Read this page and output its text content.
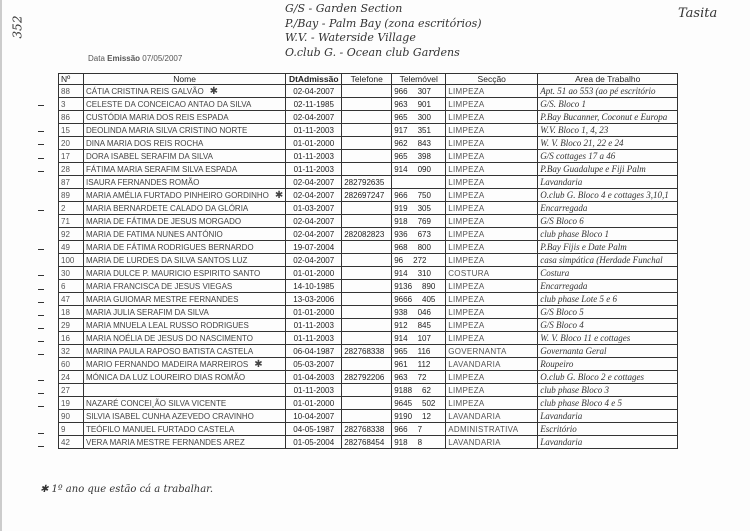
352
G/S - Garden Section
P./Bay - Palm Bay (zona escritórios)
W.V. - Waterside Village
O.club G. - Ocean club Gardens
Tasita
Data Emissão 07/05/2007
Nº	Nome	DtAdmissão	Telefone	Telemóvel	Secção	Area de Trabalho
88	CÁTIA CRISTINA REIS GALVÃO ✱	02-04-2007		966 307	LIMPEZA	Apt. 51 ao 553 (ao pé escritório
3	CELESTE DA CONCEICAO ANTAO DA SILVA	02-11-1985		963 901	LIMPEZA	G/S. Bloco 1
86	CUSTÓDIA MARIA DOS REIS ESPADA	02-04-2007		965 300	LIMPEZA	P.Bay Bucanner, Coconut e Europa
15	DEOLINDA MARIA SILVA CRISTINO NORTE	01-11-2003		917 351	LIMPEZA	W.V. Bloco 1, 4, 23
20	DINA MARIA DOS REIS ROCHA	01-01-2000		962 843	LIMPEZA	W. V. Bloco 21, 22 e 24
17	DORA ISABEL SERAFIM DA SILVA	01-11-2003		965 398	LIMPEZA	G/S cottages 17 a 46
28	FÁTIMA MARIA SERAFIM SILVA ESPADA	01-11-2003		914 090	LIMPEZA	P.Bay Guadalupe e Fiji Palm
87	ISAURA FERNANDES ROMÃO	02-04-2007	282792635		LIMPEZA	Lavandaria
89	MARIA AMÉLIA FURTADO PINHEIRO GORDINHO ✱	02-04-2007	282697247	966 750	LIMPEZA	O.club G. Bloco 4 e cottages 3,10,1
2	MARIA BERNARDETE CALADO DA GLÓRIA	01-03-2007		919 305	LIMPEZA	Encarregada
71	MARIA DE FÁTIMA DE JESUS MORGADO	02-04-2007		918 769	LIMPEZA	G/S Bloco 6
92	MARIA DE FATIMA NUNES ANTÓNIO	02-04-2007	282082823	936 673	LIMPEZA	club phase Bloco 1
49	MARIA DE FÁTIMA RODRIGUES BERNARDO	19-07-2004		968 800	LIMPEZA	P.Bay Fijis e Date Palm
100	MARIA DE LURDES DA SILVA SANTOS LUZ	02-04-2007		96 272	LIMPEZA	casa simpática (Herdade Funchal
30	MARIA DULCE P. MAURICIO ESPIRITO SANTO	01-01-2000		914 310	COSTURA	Costura
6	MARIA FRANCISCA DE JESUS VIEGAS	14-10-1985		9136 890	LIMPEZA	Encarregada
47	MARIA GUIOMAR MESTRE FERNANDES	13-03-2006		9666 405	LIMPEZA	club phase Lote 5 e 6
18	MARIA JULIA SERAFIM DA SILVA	01-01-2000		938 046	LIMPEZA	G/S Bloco 5
29	MARIA MNUELA LEAL RUSSO RODRIGUES	01-11-2003		912 845	LIMPEZA	G/S Bloco 4
16	MARIA NOÉLIA DE JESUS DO NASCIMENTO	01-11-2003		914 107	LIMPEZA	W. V. Bloco 11 e cottages
32	MARINA PAULA RAPOSO BATISTA CASTELA	06-04-1987	282768338	965 116	GOVERNANTA	Governanta Geral
60	MARIO FERNANDO MADEIRA MARREIROS ✱	05-03-2007		961 112	LAVANDARIA	Roupeiro
24	MÓNICA DA LUZ LOUREIRO DIAS ROMÃO	01-04-2003	282792206	963 72	LIMPEZA	O.club G. Bloco 2 e cottages
27		01-11-2003		9188 62	LIMPEZA	club phase Bloco 3
19	NAZARÉ CONCEI¸ÃO SILVA VICENTE	01-01-2000		9645 502	LIMPEZA	club phase Bloco 4 e 5
90	SILVIA ISABEL CUNHA AZEVEDO CRAVINHO	10-04-2007		9190 12	LAVANDARIA	Lavandaria
9	TEÓFILO MANUEL FURTADO CASTELA	04-05-1987	282768338	966 7	ADMINISTRATIVA	Escritório
42	VERA MARIA MESTRE FERNANDES AREZ	01-05-2004	282768454	918 8	LAVANDARIA	Lavandaria
✱ 1º ano que estão cá a trabalhar.
